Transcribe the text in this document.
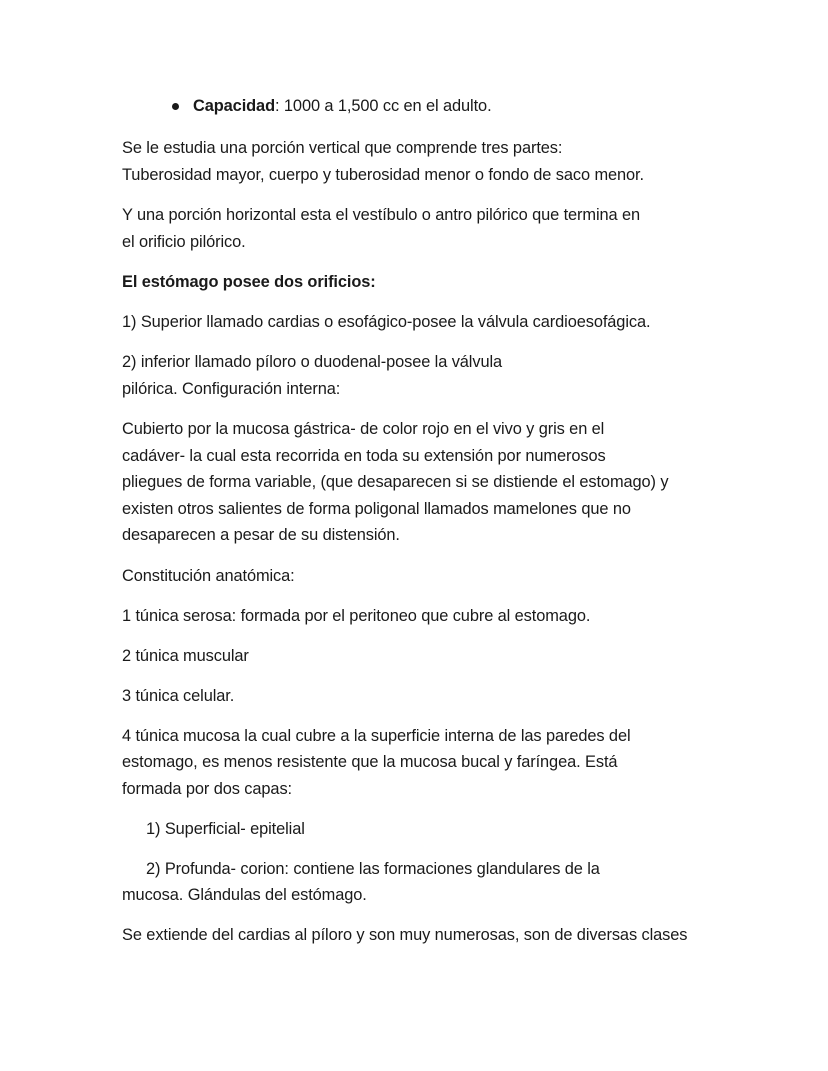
Capacidad: 1000 a 1,500 cc en el adulto.
Se le estudia una porción vertical que comprende tres partes:
Tuberosidad mayor, cuerpo y tuberosidad menor o fondo de saco menor.
Y una porción horizontal esta el vestíbulo o antro pilórico que termina en
el orificio pilórico.
El estómago posee dos orificios:
1) Superior llamado cardias o esofágico-posee la válvula cardioesofágica.
2) inferior llamado píloro o duodenal-posee la válvula
pilórica. Configuración interna:
Cubierto por la mucosa gástrica- de color rojo en el vivo y gris en el
cadáver- la cual esta recorrida en toda su extensión por numerosos
pliegues de forma variable, (que desaparecen si se distiende el estomago) y
existen otros salientes de forma poligonal llamados mamelones que no
desaparecen a pesar de su distensión.
Constitución anatómica:
1 túnica serosa: formada por el peritoneo que cubre al estomago.
2 túnica muscular
3 túnica celular.
4 túnica mucosa la cual cubre a la superficie interna de las paredes del
estomago, es menos resistente que la mucosa bucal y faríngea. Está
formada por dos capas:
1) Superficial- epitelial
2) Profunda- corion: contiene las formaciones glandulares de la
mucosa. Glándulas del estómago.
Se extiende del cardias al píloro y son muy numerosas, son de diversas clases
